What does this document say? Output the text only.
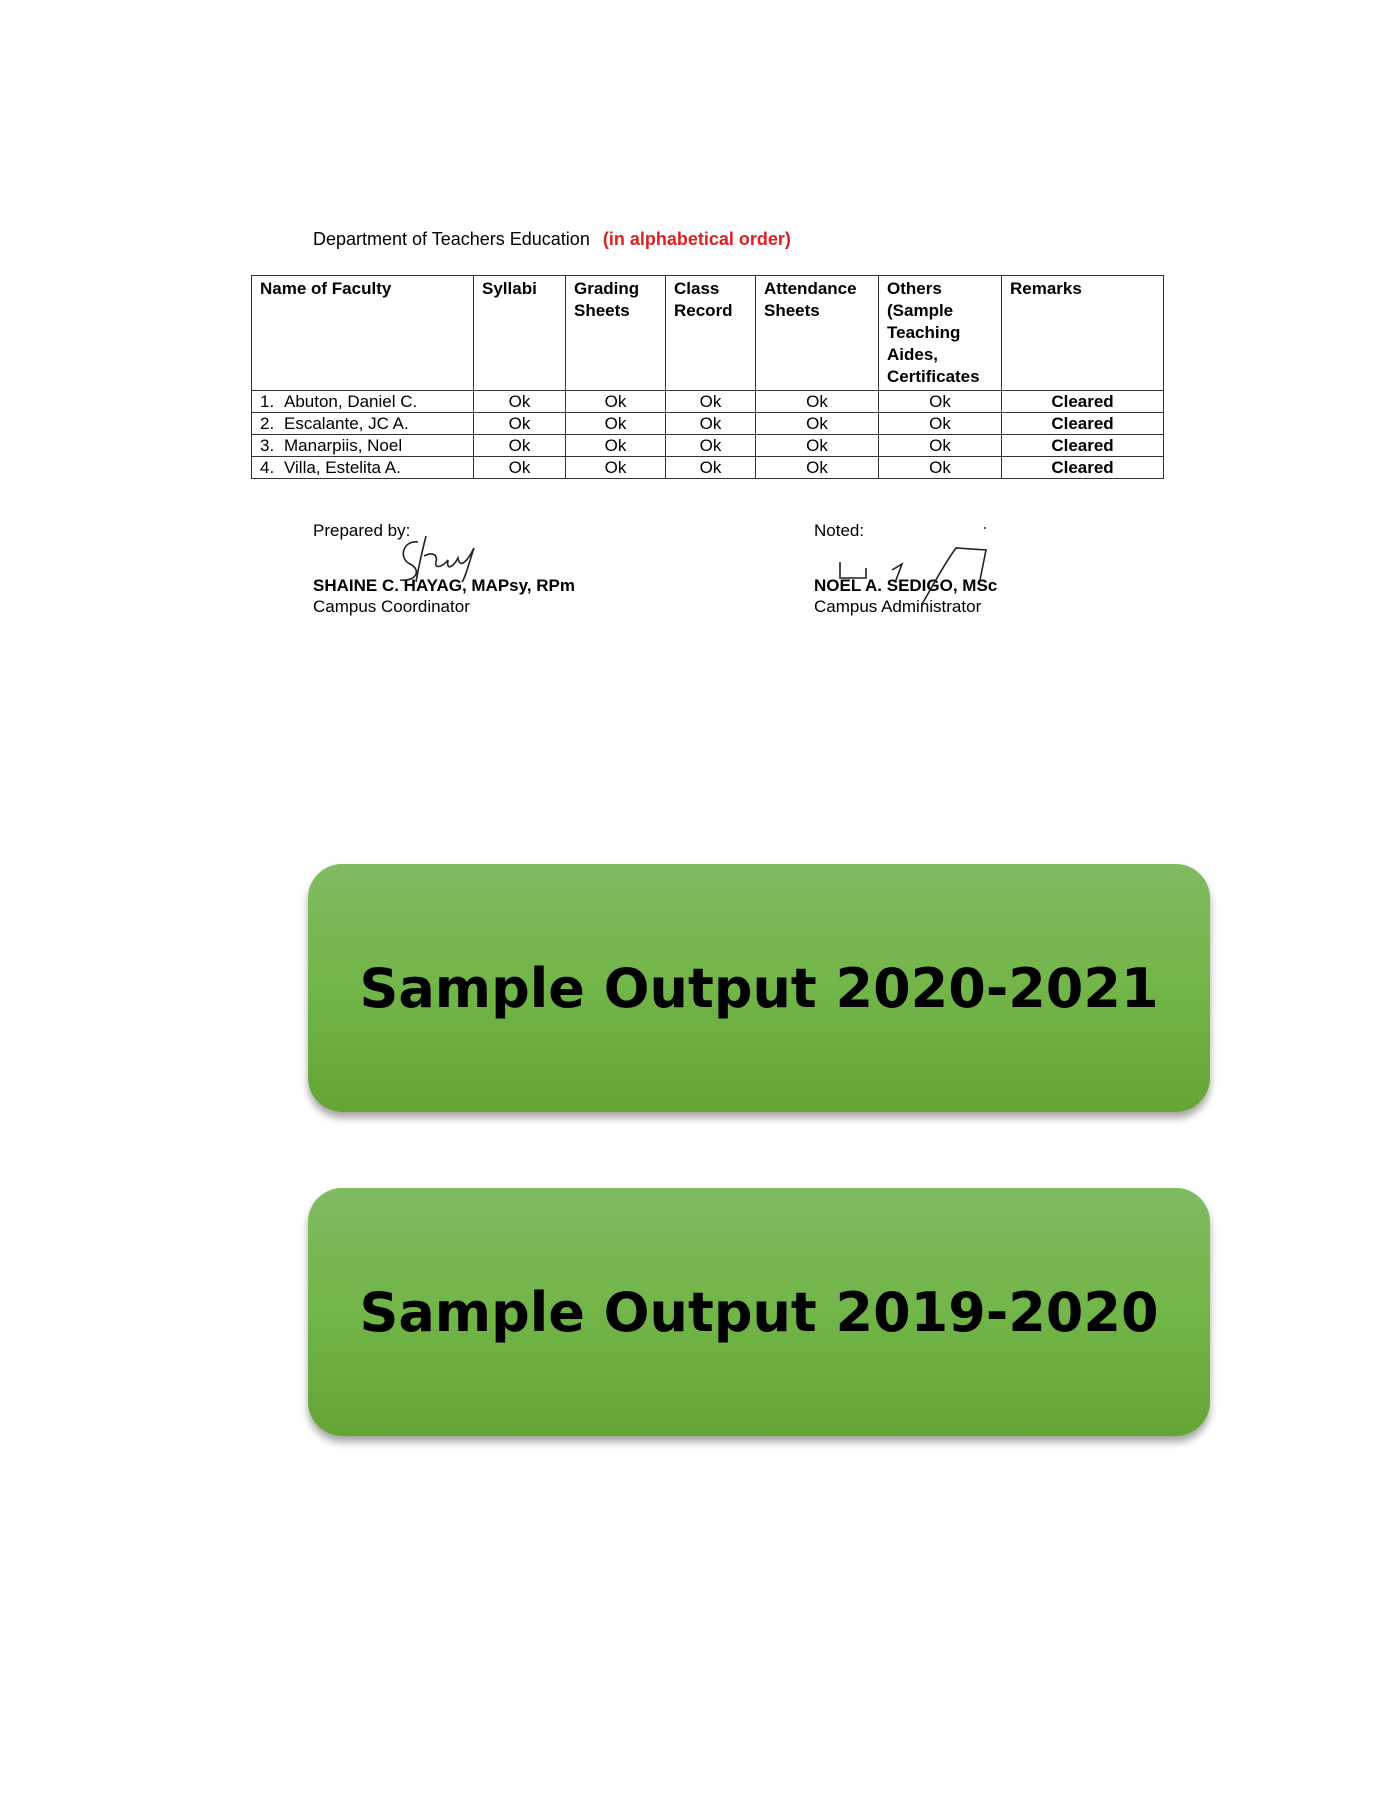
Department of Teachers Education (in alphabetical order)
Name of Faculty	Syllabi	Grading Sheets	Class Record	Attendance Sheets	Others (Sample Teaching Aides, Certificates	Remarks
1. Abuton, Daniel C.	Ok	Ok	Ok	Ok	Ok	Cleared
2. Escalante, JC A.	Ok	Ok	Ok	Ok	Ok	Cleared
3. Manarpiis, Noel	Ok	Ok	Ok	Ok	Ok	Cleared
4. Villa, Estelita A.	Ok	Ok	Ok	Ok	Ok	Cleared
Prepared by:
SHAINE C. HAYAG, MAPsy, RPm
Campus Coordinator
Noted:
NOEL A. SEDIGO, MSc
Campus Administrator
Sample Output 2020-2021
Sample Output 2019-2020
